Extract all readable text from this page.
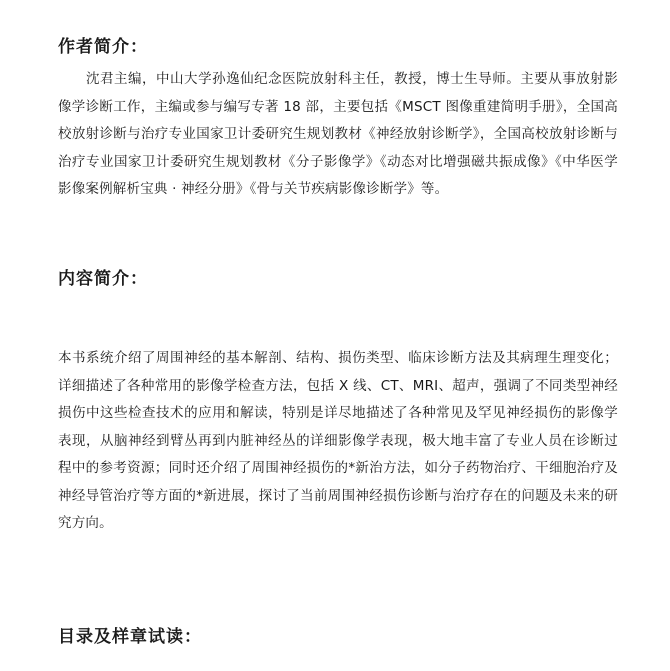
作者简介：

沈君主编，中山大学孙逸仙纪念医院放射科主任，教授，博士生导师。主要从事放射影像学诊断工作，主编或参与编写专著 18 部，主要包括《MSCT 图像重建简明手册》，全国高校放射诊断与治疗专业国家卫计委研究生规划教材《神经放射诊断学》，全国高校放射诊断与治疗专业国家卫计委研究生规划教材《分子影像学》《动态对比增强磁共振成像》《中华医学影像案例解析宝典 · 神经分册》《骨与关节疾病影像诊断学》等。

内容简介：

本书系统介绍了周围神经的基本解剖、结构、损伤类型、临床诊断方法及其病理生理变化；详细描述了各种常用的影像学检查方法，包括 X 线、CT、MRI、超声，强调了不同类型神经损伤中这些检查技术的应用和解读，特别是详尽地描述了各种常见及罕见神经损伤的影像学表现，从脑神经到臂丛再到内脏神经丛的详细影像学表现，极大地丰富了专业人员在诊断过程中的参考资源；同时还介绍了周围神经损伤的*新治方法，如分子药物治疗、干细胞治疗及神经导管治疗等方面的*新进展，探讨了当前周围神经损伤诊断与治疗存在的问题及未来的研究方向。

目录及样章试读：
